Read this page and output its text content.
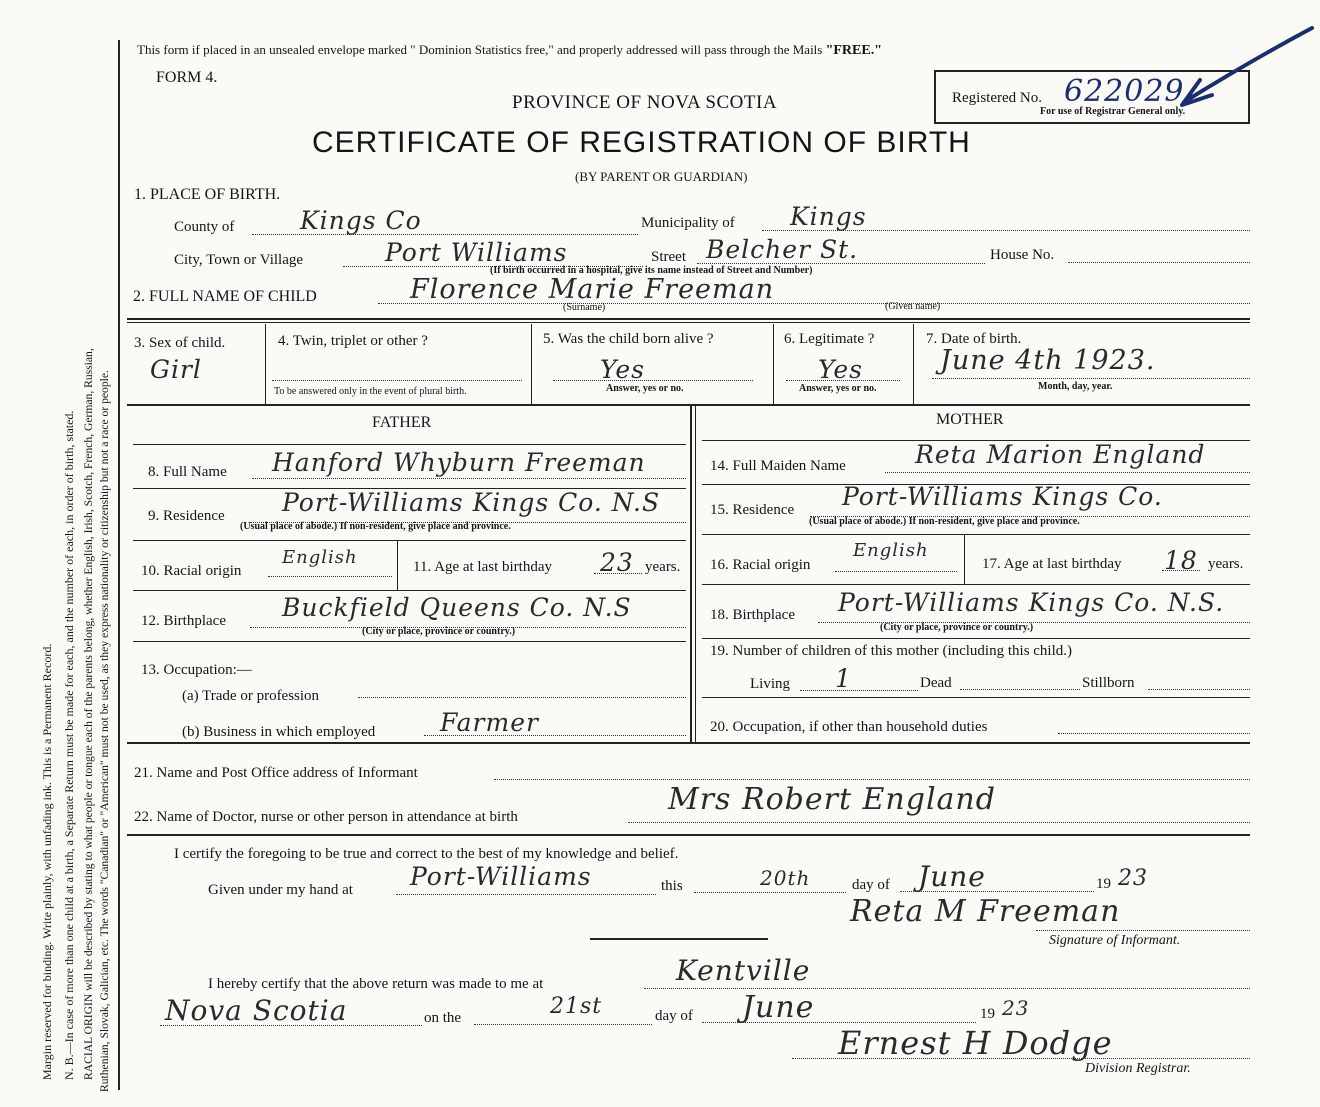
Margin reserved for binding. Write plainly, with unfading ink. This is a Permanent Record. N. B.—In case of more than one child at a birth, a Separate Return must be made for each, and the number of each, in order of birth, stated. RACIAL ORIGIN will be described by stating to what people or tongue each of the parents belong, whether English, Irish, Scotch, French, German, Russian, Ruthenian, Slovak, Galician, etc. The words "Canadian" or "American" must not be used, as they express nationality or citizenship but not a race or people.
This form if placed in an unsealed envelope marked " Dominion Statistics free," and properly addressed will pass through the Mails "FREE."
FORM 4.
PROVINCE OF NOVA SCOTIA
CERTIFICATE OF REGISTRATION OF BIRTH
(BY PARENT OR GUARDIAN)
Registered No. 622029
For use of Registrar General only.
1. PLACE OF BIRTH.
County of	Kings Co	Municipality of Kings
City, Town or Village	Port Williams	Street Belcher St.	House No.
(If birth occurred in a hospital, give its name instead of Street and Number)
2. FULL NAME OF CHILD	Florence Marie Freeman
(Surname)	(Given name)
3. Sex of child.
Girl
4. Twin, triplet or other ?
To be answered only in the event of plural birth.
5. Was the child born alive ?
Yes
Answer, yes or no.
6. Legitimate ?
Yes
Answer, yes or no.
7. Date of birth.
June 4th 1923.
Month, day, year.
FATHER	MOTHER
8. Full Name Hanford Whyburn Freeman
9. Residence Port-Williams Kings Co. N.S
(Usual place of abode.) If non-resident, give place and province.
10. Racial origin
English	11. Age at last birthday 23 years.
12. Birthplace Buckfield Queens Co. N.S
(City or place, province or country.)
13. Occupation:—
(a) Trade or profession
(b) Business in which employed	Farmer
14. Full Maiden Name	Reta Marion England
15. Residence Port-Williams Kings Co.
(Usual place of abode.) If non-resident, give place and province.
16. Racial origin
English
17. Age at last birthday 18 years.
18. Birthplace Port-Williams Kings Co. N.S.
(City or place, province or country.)
19. Number of children of this mother (including this child.)
Living 1	Dead	Stillborn
20. Occupation, if other than household duties
21. Name and Post Office address of Informant
22. Name of Doctor, nurse or other person in attendance at birth	Mrs Robert England
I certify the foregoing to be true and correct to the best of my knowledge and belief.
Given under my hand at Port-Williams	this	20th	day of June	19 23
Reta M Freeman
Signature of Informant.
I hereby certify that the above return was made to me at	Kentville
Nova Scotia	on the	21st	day of June	19 23
Ernest H Dodge
Division Registrar.
